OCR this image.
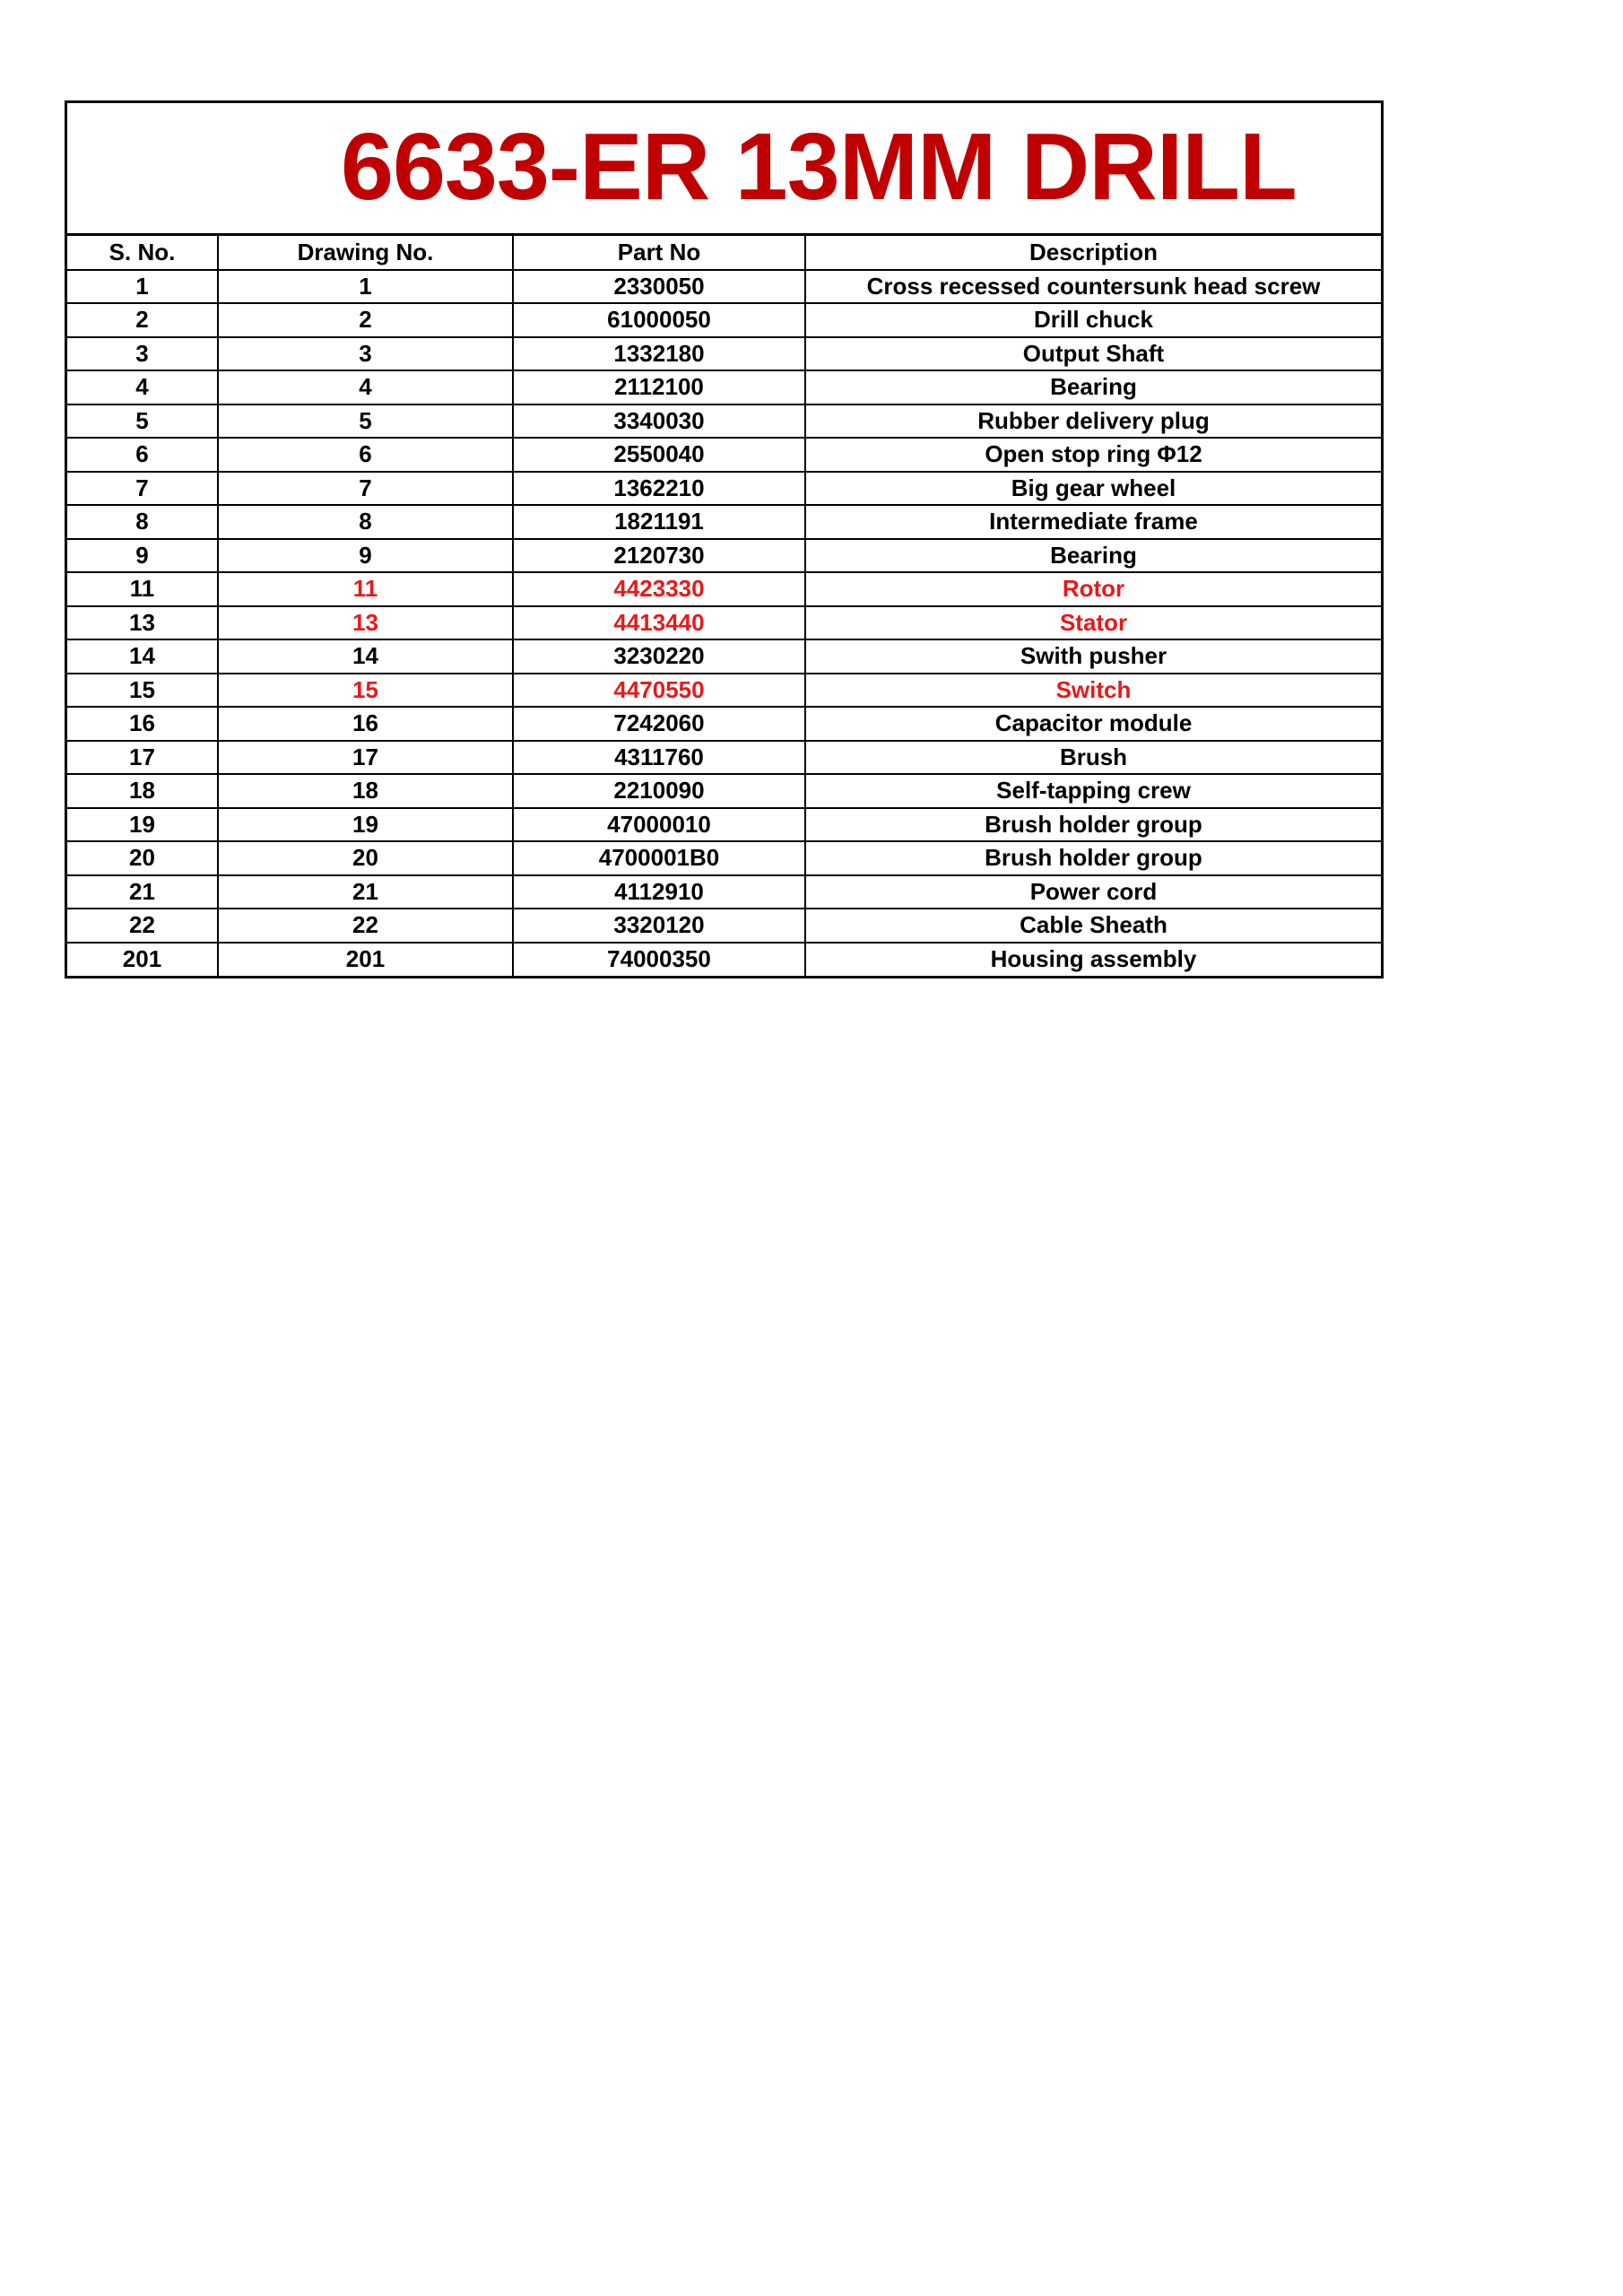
6633-ER 13MM DRILL
S. No.	Drawing No.	Part No	Description
1	1	2330050	Cross recessed countersunk head screw
2	2	61000050	Drill chuck
3	3	1332180	Output Shaft
4	4	2112100	Bearing
5	5	3340030	Rubber delivery plug
6	6	2550040	Open stop ring Φ12
7	7	1362210	Big gear wheel
8	8	1821191	Intermediate frame
9	9	2120730	Bearing
11	11	4423330	Rotor
13	13	4413440	Stator
14	14	3230220	Swith pusher
15	15	4470550	Switch
16	16	7242060	Capacitor module
17	17	4311760	Brush
18	18	2210090	Self-tapping crew
19	19	47000010	Brush holder group
20	20	4700001B0	Brush holder group
21	21	4112910	Power cord
22	22	3320120	Cable Sheath
201	201	74000350	Housing assembly
